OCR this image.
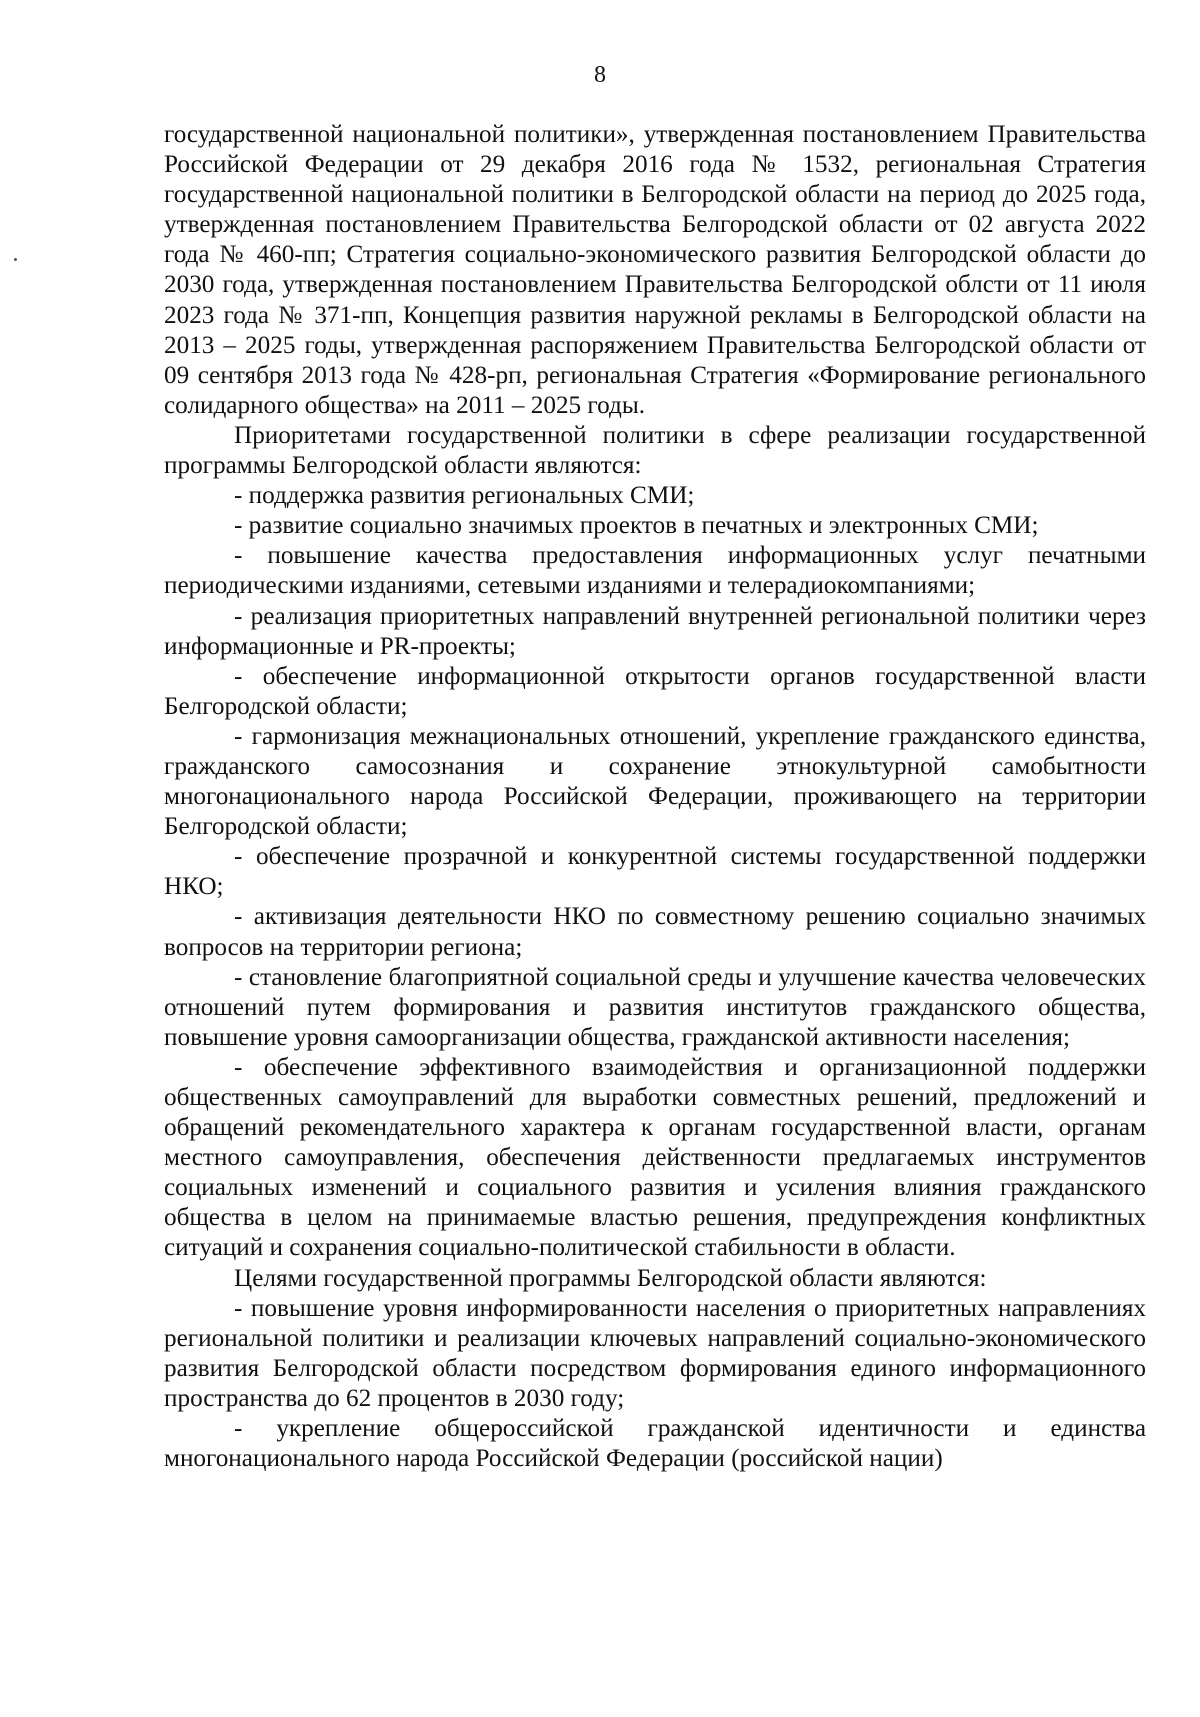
8

государственной национальной политики», утвержденная постановлением Правительства Российской Федерации от 29 декабря 2016 года № 1532, региональная Стратегия государственной национальной политики в Белгородской области на период до 2025 года, утвержденная постановлением Правительства Белгородской области от 02 августа 2022 года № 460-пп; Стратегия социально-экономического развития Белгородской области до 2030 года, утвержденная постановлением Правительства Белгородской облсти от 11 июля 2023 года № 371-пп, Концепция развития наружной рекламы в Белгородской области на 2013 – 2025 годы, утвержденная распоряжением Правительства Белгородской области от 09 сентября 2013 года № 428-рп, региональная Стратегия «Формирование регионального солидарного общества» на 2011 – 2025 годы.

Приоритетами государственной политики в сфере реализации государственной программы Белгородской области являются:

- поддержка развития региональных СМИ;

- развитие социально значимых проектов в печатных и электронных СМИ;

- повышение качества предоставления информационных услуг печатными периодическими изданиями, сетевыми изданиями и телерадиокомпаниями;

- реализация приоритетных направлений внутренней региональной политики через информационные и PR-проекты;

- обеспечение информационной открытости органов государственной власти Белгородской области;

- гармонизация межнациональных отношений, укрепление гражданского единства, гражданского самосознания и сохранение этнокультурной самобытности многонационального народа Российской Федерации, проживающего на территории Белгородской области;

- обеспечение прозрачной и конкурентной системы государственной поддержки НКО;

- активизация деятельности НКО по совместному решению социально значимых вопросов на территории региона;

- становление благоприятной социальной среды и улучшение качества человеческих отношений путем формирования и развития институтов гражданского общества, повышение уровня самоорганизации общества, гражданской активности населения;

- обеспечение эффективного взаимодействия и организационной поддержки общественных самоуправлений для выработки совместных решений, предложений и обращений рекомендательного характера к органам государственной власти, органам местного самоуправления, обеспечения действенности предлагаемых инструментов социальных изменений и социального развития и усиления влияния гражданского общества в целом на принимаемые властью решения, предупреждения конфликтных ситуаций и сохранения социально-политической стабильности в области.

Целями государственной программы Белгородской области являются:

- повышение уровня информированности населения о приоритетных направлениях региональной политики и реализации ключевых направлений социально-экономического развития Белгородской области посредством формирования единого информационного пространства до 62 процентов в 2030 году;

- укрепление общероссийской гражданской идентичности и единства многонационального народа Российской Федерации (российской нации)
